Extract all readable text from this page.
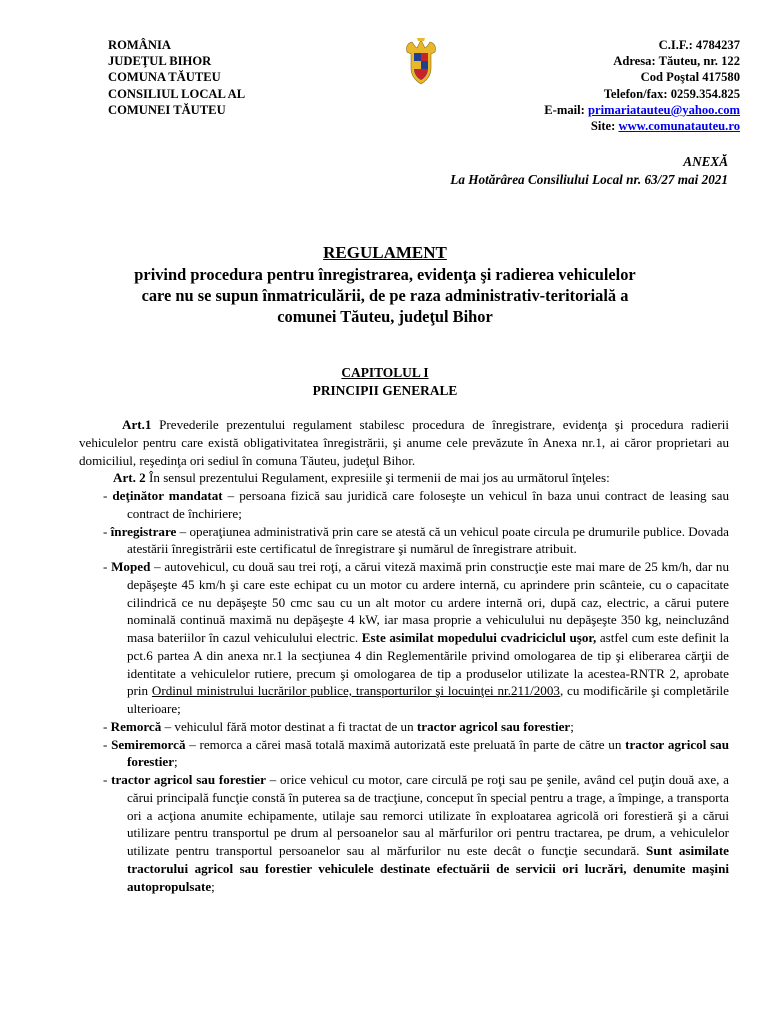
ROMÂNIA
JUDEŢUL BIHOR
COMUNA TĂUTEU
CONSILIUL LOCAL AL
COMUNEI TĂUTEU
C.I.F.: 4784237
Adresa: Tăuteu, nr. 122
Cod Poştal 417580
Telefon/fax: 0259.354.825
E-mail: primariatauteu@yahoo.com
Site: www.comunatauteu.ro
ANEXĂ
La Hotărârea Consiliului Local nr. 63/27 mai 2021
REGULAMENT
privind procedura pentru înregistrarea, evidenţa şi radierea vehiculelor
care nu se supun înmatriculării, de pe raza administrativ-teritorială a
comunei Tăuteu, judeţul Bihor
CAPITOLUL I
PRINCIPII GENERALE
Art.1 Prevederile prezentului regulament stabilesc procedura de înregistrare, evidenţa şi procedura radierii vehiculelor pentru care există obligativitatea înregistrării, şi anume cele prevăzute în Anexa nr.1, ai căror proprietari au domiciliul, reşedinţa ori sediul în comuna Tăuteu, judeţul Bihor.
Art. 2 În sensul prezentului Regulament, expresiile şi termenii de mai jos au următorul înţeles:
- deţinător mandatat – persoana fizică sau juridică care foloseşte un vehicul în baza unui contract de leasing sau contract de închiriere;
- înregistrare – operaţiunea administrativă prin care se atestă că un vehicul poate circula pe drumurile publice. Dovada atestării înregistrării este certificatul de înregistrare şi numărul de înregistrare atribuit.
- Moped – autovehicul, cu două sau trei roţi, a cărui viteză maximă prin construcţie este mai mare de 25 km/h, dar nu depăşeşte 45 km/h şi care este echipat cu un motor cu ardere internă, cu aprindere prin scânteie, cu o capacitate cilindrică ce nu depăşeşte 50 cmc sau cu un alt motor cu ardere internă ori, după caz, electric, a cărui putere nominală continuă maximă nu depăşeşte 4 kW, iar masa proprie a vehiculului nu depăşeşte 350 kg, neincluzând masa bateriilor în cazul vehiculului electric. Este asimilat mopedului cvadriciclul uşor, astfel cum este definit la pct.6 partea A din anexa nr.1 la secţiunea 4 din Reglementările privind omologarea de tip şi eliberarea cărţii de identitate a vehiculelor rutiere, precum şi omologarea de tip a produselor utilizate la acestea-RNTR 2, aprobate prin Ordinul ministrului lucrărilor publice, transporturilor şi locuinţei nr.211/2003, cu modificările şi completările ulterioare;
- Remorcă – vehiculul fără motor destinat a fi tractat de un tractor agricol sau forestier;
- Semiremorcă – remorca a cărei masă totală maximă autorizată este preluată în parte de către un tractor agricol sau forestier;
- tractor agricol sau forestier – orice vehicul cu motor, care circulă pe roţi sau pe şenile, având cel puţin două axe, a cărui principală funcţie constă în puterea sa de tracţiune, conceput în special pentru a trage, a împinge, a transporta ori a acţiona anumite echipamente, utilaje sau remorci utilizate în exploatarea agricolă ori forestieră şi a cărui utilizare pentru transportul pe drum al persoanelor sau al mărfurilor ori pentru tractarea, pe drum, a vehiculelor utilizate pentru transportul persoanelor sau al mărfurilor nu este decât o funcţie secundară. Sunt asimilate tractorului agricol sau forestier vehiculele destinate efectuării de servicii ori lucrări, denumite maşini autopropulsate;
